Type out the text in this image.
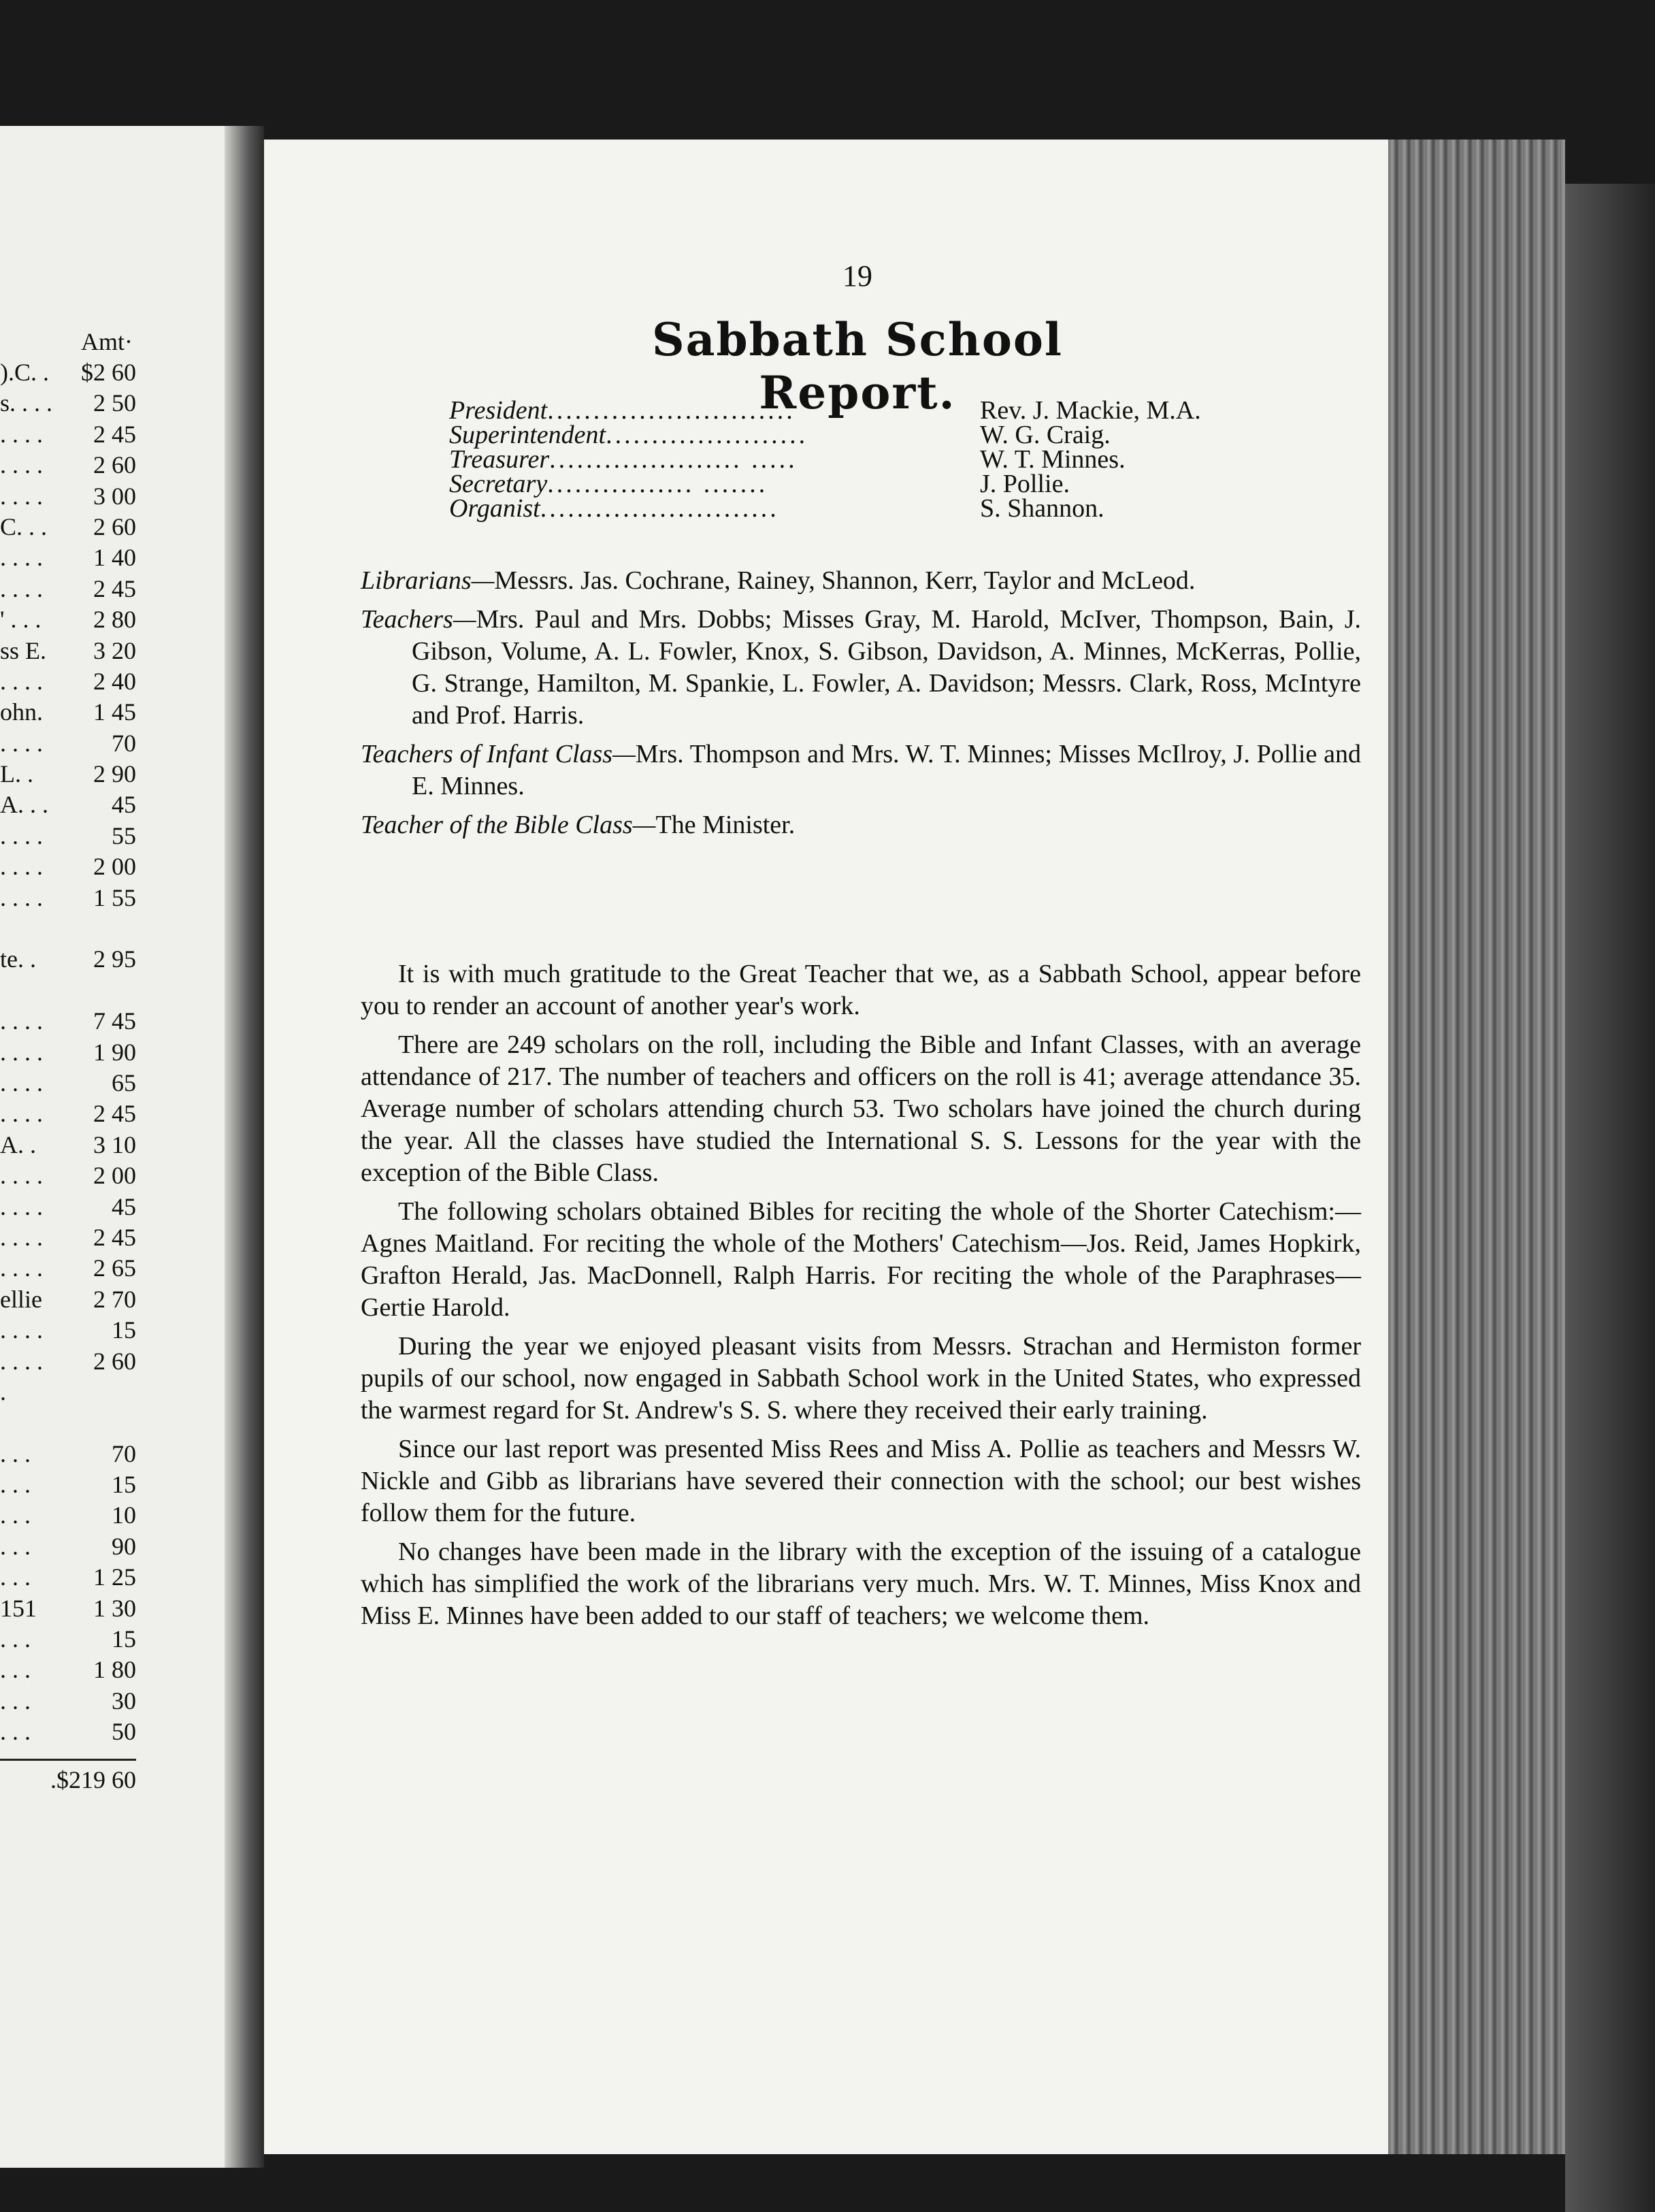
Amt·
).C. .	$2 60
s. . . .	2 50
. . . .	2 45
. . . .	2 60
. . . .	3 00
C. . .	2 60
. . . .	1 40
. . . .	2 45
' . . .	2 80
ss E.	3 20
. . . .	2 40
ohn.	1 45
. . . .	70
L. .	2 90
A. . .	45
. . . .	55
. . . .	2 00
. . . .	1 55
te. .	2 95
. . . .	7 45
. . . .	1 90
. . . .	65
. . . .	2 45
A. .	3 10
. . . .	2 00
. . . .	45
. . . .	2 45
. . . .	2 65
ellie	2 70
. . . .	15
. . . .	2 60
.
. . .	70
. . .	15
. . .	10
. . .	90
. . .	1 25
151	1 30
. . .	15
. . .	1 80
. . .	30
. . .	50
.$219 60
19
Sabbath School Report.
President ...........................	Rev. J. Mackie, M.A.
Superintendent ......................	W. G. Craig.
Treasurer ..................... .....	W. T. Minnes.
Secretary ................ .......	J. Pollie.
Organist ..........................	S. Shannon.

Librarians—Messrs. Jas. Cochrane, Rainey, Shannon, Kerr, Taylor and McLeod.

Teachers—Mrs. Paul and Mrs. Dobbs; Misses Gray, M. Harold, McIver, Thompson, Bain, J. Gibson, Volume, A. L. Fowler, Knox, S. Gibson, Davidson, A. Minnes, McKerras, Pollie, G. Strange, Hamilton, M. Spankie, L. Fowler, A. Davidson; Messrs. Clark, Ross, McIntyre and Prof. Harris.

Teachers of Infant Class—Mrs. Thompson and Mrs. W. T. Minnes; Misses McIlroy, J. Pollie and E. Minnes.

Teacher of the Bible Class—The Minister.

It is with much gratitude to the Great Teacher that we, as a Sabbath School, appear before you to render an account of another year's work.

There are 249 scholars on the roll, including the Bible and Infant Classes, with an average attendance of 217. The number of teachers and officers on the roll is 41; average attendance 35. Average number of scholars attending church 53. Two scholars have joined the church during the year. All the classes have studied the International S. S. Lessons for the year with the exception of the Bible Class.

The following scholars obtained Bibles for reciting the whole of the Shorter Catechism:—Agnes Maitland. For reciting the whole of the Mothers' Catechism—Jos. Reid, James Hopkirk, Grafton Herald, Jas. MacDonnell, Ralph Harris. For reciting the whole of the Paraphrases—Gertie Harold.

During the year we enjoyed pleasant visits from Messrs. Strachan and Hermiston former pupils of our school, now engaged in Sabbath School work in the United States, who expressed the warmest regard for St. Andrew's S. S. where they received their early training.

Since our last report was presented Miss Rees and Miss A. Pollie as teachers and Messrs W. Nickle and Gibb as librarians have severed their connection with the school; our best wishes follow them for the future.

No changes have been made in the library with the exception of the issuing of a catalogue which has simplified the work of the librarians very much. Mrs. W. T. Minnes, Miss Knox and Miss E. Minnes have been added to our staff of teachers; we welcome them.
